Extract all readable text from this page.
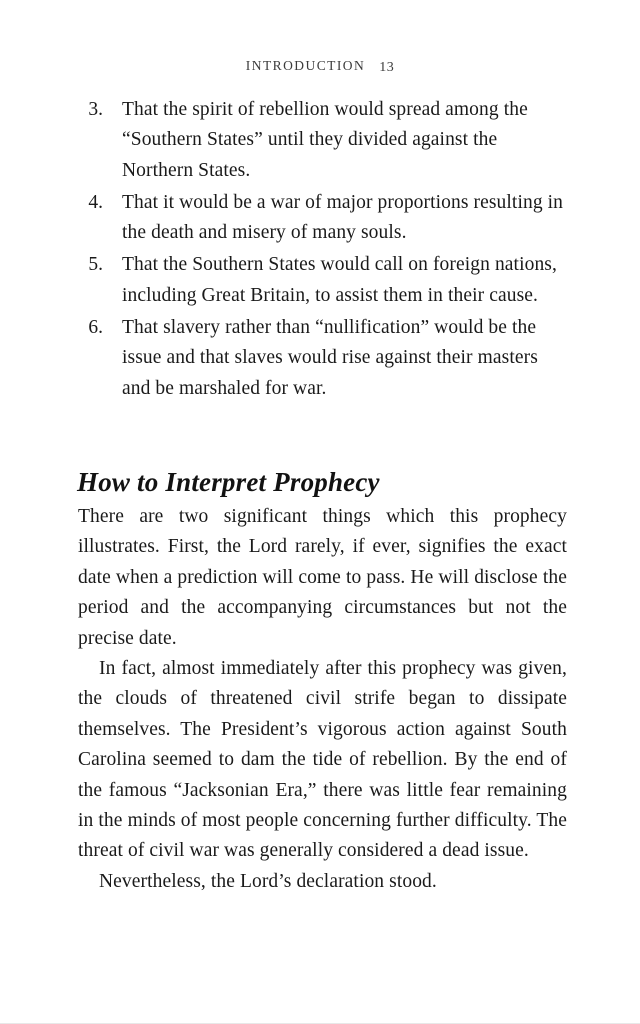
INTRODUCTION 13
3. That the spirit of rebellion would spread among the “Southern States” until they divided against the Northern States.
4. That it would be a war of major proportions resulting in the death and misery of many souls.
5. That the Southern States would call on foreign nations, including Great Britain, to assist them in their cause.
6. That slavery rather than “nullification” would be the issue and that slaves would rise against their masters and be marshaled for war.
How to Interpret Prophecy

There are two significant things which this prophecy illustrates. First, the Lord rarely, if ever, signifies the exact date when a prediction will come to pass. He will disclose the period and the accompanying circumstances but not the precise date.

In fact, almost immediately after this prophecy was given, the clouds of threatened civil strife began to dissipate themselves. The President’s vigorous action against South Carolina seemed to dam the tide of rebellion. By the end of the famous “Jacksonian Era,” there was little fear remaining in the minds of most people concerning further difficulty. The threat of civil war was generally considered a dead issue.

Nevertheless, the Lord’s declaration stood.
